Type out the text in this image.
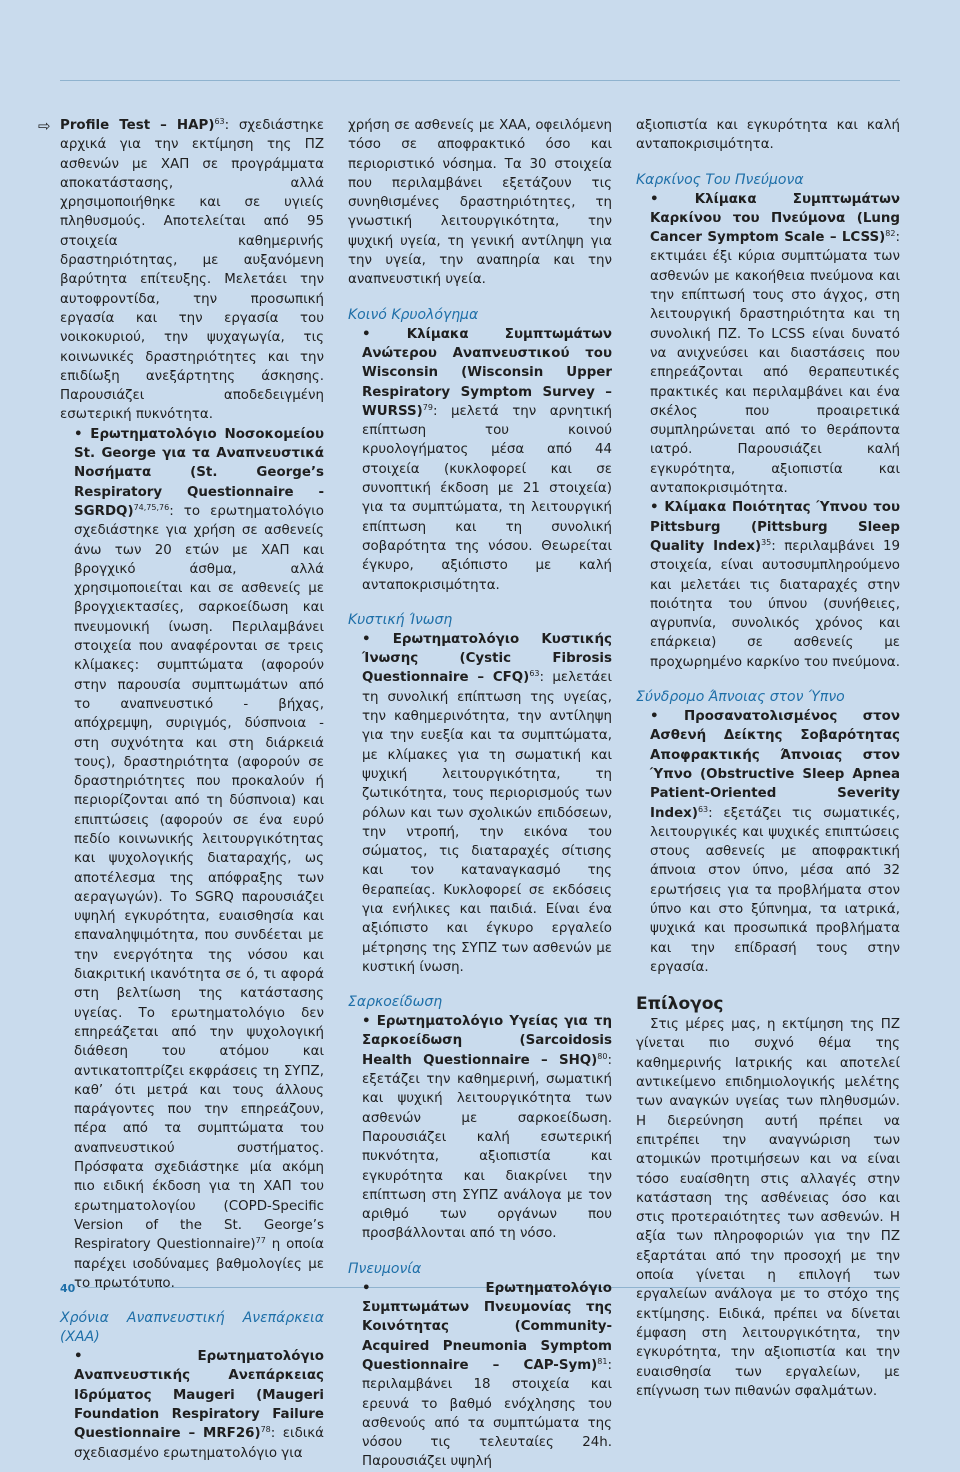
40
⇨ Profile Test – HAP)$^{63}$: σχεδιάστηκε αρχικά για την εκτίμηση της ΠΖ ασθενών με ΧΑΠ σε προγράμματα αποκατάστασης, αλλά χρησιμοποιήθηκε και σε υγιείς πληθυσμούς. Αποτελείται από 95 στοιχεία καθημερινής δραστηριότητας, με αυξανόμενη βαρύτητα επίτευξης. Μελετάει την αυτοφροντίδα, την προσωπική εργασία και την εργασία του νοικοκυριού, την ψυχαγωγία, τις κοινωνικές δραστηριότητες και την επιδίωξη ανεξάρτητης άσκησης. Παρουσιάζει αποδεδειγμένη εσωτερική πυκνότητα.

• Ερωτηματολόγιο Νοσοκομείου St. George για τα Αναπνευστικά Νοσήματα (St. George’s Respiratory Questionnaire - SGRDQ)$^{74,75,76}$: το ερωτηματολόγιο σχεδιάστηκε για χρήση σε ασθενείς άνω των 20 ετών με ΧΑΠ και βρογχικό άσθμα, αλλά χρησιμοποιείται και σε ασθενείς με βρογχιεκτασίες, σαρκοείδωση και πνευμονική ίνωση. Περιλαμβάνει στοιχεία που αναφέρονται σε τρεις κλίμακες: συμπτώματα (αφορούν στην παρουσία συμπτωμάτων από το αναπνευστικό - βήχας, απόχρεμψη, συριγμός, δύσπνοια - στη συχνότητα και στη διάρκειά τους), δραστηριότητα (αφορούν σε δραστηριότητες που προκαλούν ή περιορίζονται από τη δύσπνοια) και επιπτώσεις (αφορούν σε ένα ευρύ πεδίο κοινωνικής λειτουργικότητας και ψυχολογικής διαταραχής, ως αποτέλεσμα της απόφραξης των αεραγωγών). Το SGRQ παρουσιάζει υψηλή εγκυρότητα, ευαισθησία και επαναληψιμότητα, που συνδέεται με την ενεργότητα της νόσου και διακριτική ικανότητα σε ό, τι αφορά στη βελτίωση της κατάστασης υγείας. Το ερωτηματολόγιο δεν επηρεάζεται από την ψυχολογική διάθεση του ατόμου και αντικατοπτρίζει εκφράσεις τη ΣΥΠΖ, καθ’ ότι μετρά και τους άλλους παράγοντες που την επηρεάζουν, πέρα από τα συμπτώματα του αναπνευστικού συστήματος. Πρόσφατα σχεδιάστηκε μία ακόμη πιο ειδική έκδοση για τη ΧΑΠ του ερωτηματολογίου (COPD-Specific Version of the St. George’s Respiratory Questionnaire)$^{77}$ η οποία παρέχει ισοδύναμες βαθμολογίες με το πρωτότυπο.

Χρόνια Αναπνευστική Ανεπάρκεια (ΧΑΑ)

• Ερωτηματολόγιο Αναπνευστικής Ανεπάρκειας Ιδρύματος Maugeri (Maugeri Foundation Respiratory Failure Questionnaire – MRF26)$^{78}$: ειδικά σχεδιασμένο ερωτηματολόγιο για

χρήση σε ασθενείς με ΧΑΑ, οφειλόμενη τόσο σε αποφρακτικό όσο και περιοριστικό νόσημα. Τα 30 στοιχεία που περιλαμβάνει εξετάζουν τις συνηθισμένες δραστηριότητες, τη γνωστική λειτουργικότητα, την ψυχική υγεία, τη γενική αντίληψη για την υγεία, την αναπηρία και την αναπνευστική υγεία.

Κοινό Κρυολόγημα

• Κλίμακα Συμπτωμάτων Ανώτερου Αναπνευστικού του Wisconsin (Wisconsin Upper Respiratory Symptom Survey – WURSS)$^{79}$: μελετά την αρνητική επίπτωση του κοινού κρυολογήματος μέσα από 44 στοιχεία (κυκλοφορεί και σε συνοπτική έκδοση με 21 στοιχεία) για τα συμπτώματα, τη λειτουργική επίπτωση και τη συνολική σοβαρότητα της νόσου. Θεωρείται έγκυρο, αξιόπιστο με καλή ανταποκρισιμότητα.

Κυστική Ίνωση

• Ερωτηματολόγιο Κυστικής Ίνωσης (Cystic Fibrosis Questionnaire – CFQ)$^{63}$: μελετάει τη συνολική επίπτωση της υγείας, την καθημερινότητα, την αντίληψη για την ευεξία και τα συμπτώματα, με κλίμακες για τη σωματική και ψυχική λειτουργικότητα, τη ζωτικότητα, τους περιορισμούς των ρόλων και των σχολικών επιδόσεων, την ντροπή, την εικόνα του σώματος, τις διαταραχές σίτισης και τον καταναγκασμό της θεραπείας. Κυκλοφορεί σε εκδόσεις για ενήλικες και παιδιά. Είναι ένα αξιόπιστο και έγκυρο εργαλείο μέτρησης της ΣΥΠΖ των ασθενών με κυστική ίνωση.

Σαρκοείδωση

• Ερωτηματολόγιο Υγείας για τη Σαρκοείδωση (Sarcoidosis Health Questionnaire – SHQ)$^{80}$: εξετάζει την καθημερινή, σωματική και ψυχική λειτουργικότητα των ασθενών με σαρκοείδωση. Παρουσιάζει καλή εσωτερική πυκνότητα, αξιοπιστία και εγκυρότητα και διακρίνει την επίπτωση στη ΣΥΠΖ ανάλογα με τον αριθμό των οργάνων που προσβάλλονται από τη νόσο.

Πνευμονία

• Ερωτηματολόγιο Συμπτωμάτων Πνευμονίας της Κοινότητας (Community-Acquired Pneumonia Symptom Questionnaire – CAP-Sym)$^{81}$: περιλαμβάνει 18 στοιχεία και ερευνά το βαθμό ενόχλησης του ασθενούς από τα συμπτώματα της νόσου τις τελευταίες 24h. Παρουσιάζει υψηλή

αξιοπιστία και εγκυρότητα και καλή ανταποκρισιμότητα.

Καρκίνος Του Πνεύμονα

• Κλίμακα Συμπτωμάτων Καρκίνου του Πνεύμονα (Lung Cancer Symptom Scale – LCSS)$^{82}$: εκτιμάει έξι κύρια συμπτώματα των ασθενών με κακοήθεια πνεύμονα και την επίπτωσή τους στο άγχος, στη λειτουργική δραστηριότητα και τη συνολική ΠΖ. Το LCSS είναι δυνατό να ανιχνεύσει και διαστάσεις που επηρεάζονται από θεραπευτικές πρακτικές και περιλαμβάνει και ένα σκέλος που προαιρετικά συμπληρώνεται από το θεράποντα ιατρό. Παρουσιάζει καλή εγκυρότητα, αξιοπιστία και ανταποκρισιμότητα.

• Κλίμακα Ποιότητας Ύπνου του Pittsburg (Pittsburg Sleep Quality Index)$^{35}$: περιλαμβάνει 19 στοιχεία, είναι αυτοσυμπληρούμενο και μελετάει τις διαταραχές στην ποιότητα του ύπνου (συνήθειες, αγρυπνία, συνολικός χρόνος και επάρκεια) σε ασθενείς με προχωρημένο καρκίνο του πνεύμονα.

Σύνδρομο Άπνοιας στον Ύπνο

• Προσανατολισμένος στον Ασθενή Δείκτης Σοβαρότητας Αποφρακτικής Άπνοιας στον Ύπνο (Obstructive Sleep Apnea Patient-Oriented Severity Index)$^{63}$: εξετάζει τις σωματικές, λειτουργικές και ψυχικές επιπτώσεις στους ασθενείς με αποφρακτική άπνοια στον ύπνο, μέσα από 32 ερωτήσεις για τα προβλήματα στον ύπνο και στο ξύπνημα, τα ιατρικά, ψυχικά και προσωπικά προβλήματα και την επίδρασή τους στην εργασία.

Επίλογος

Στις μέρες μας, η εκτίμηση της ΠΖ γίνεται πιο συχνό θέμα της καθημερινής Ιατρικής και αποτελεί αντικείμενο επιδημιολογικής μελέτης των αναγκών υγείας των πληθυσμών. Η διερεύνηση αυτή πρέπει να επιτρέπει την αναγνώριση των ατομικών προτιμήσεων και να είναι τόσο ευαίσθητη στις αλλαγές στην κατάσταση της ασθένειας όσο και στις προτεραιότητες των ασθενών. Η αξία των πληροφοριών για την ΠΖ εξαρτάται από την προσοχή με την οποία γίνεται η επιλογή των εργαλείων ανάλογα με το στόχο της εκτίμησης. Ειδικά, πρέπει να δίνεται έμφαση στη λειτουργικότητα, την εγκυρότητα, την αξιοπιστία και την ευαισθησία των εργαλείων, με επίγνωση των πιθανών σφαλμάτων.
